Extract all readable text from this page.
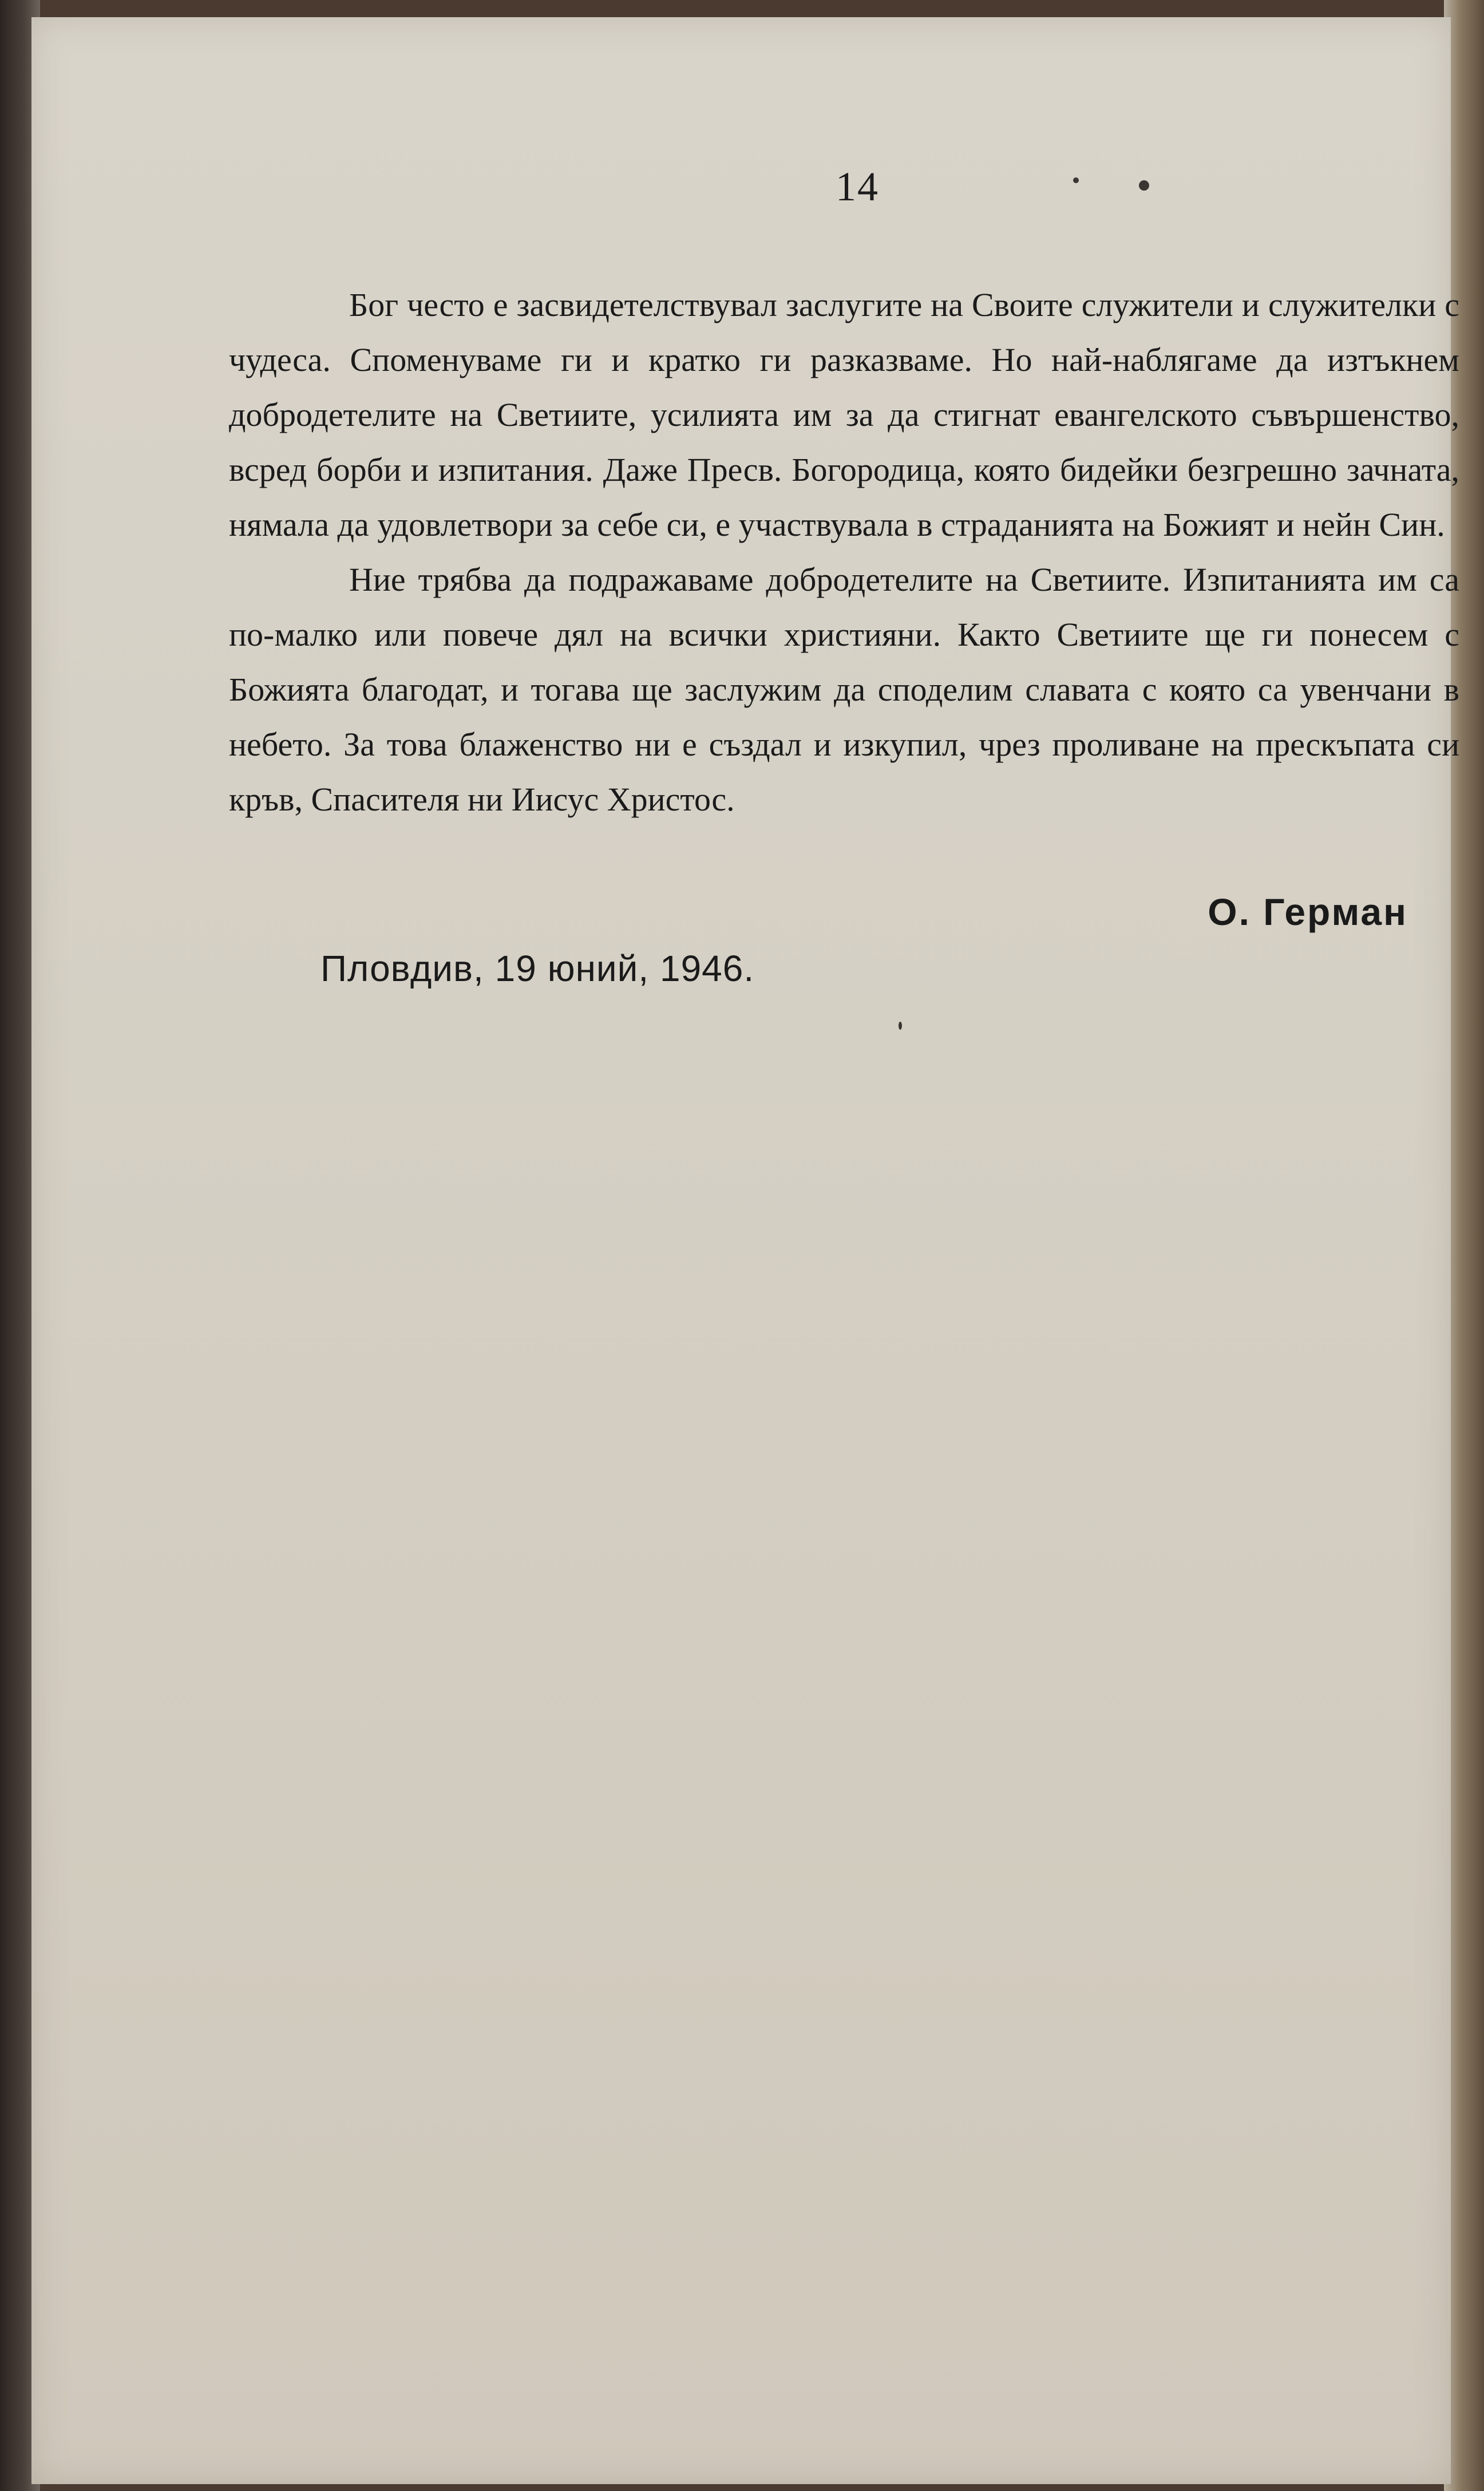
14

Бог често е засвидетелствувал заслугите на Своите служители и служителки с чудеса. Споменуваме ги и кратко ги разказваме. Но най-наблягаме да изтъкнем добродетелите на Светиите, усилията им за да стигнат евангелското съвършенство, всред борби и изпитания. Даже Пресв. Богородица, която бидейки безгрешно зачната, нямала да удовлетвори за себе си, е участвувала в страданията на Божият и нейн Син.

Ние трябва да подражаваме добродетелите на Светиите. Изпитанията им са по-малко или повече дял на всички християни. Както Светиите ще ги понесем с Божията благодат, и тогава ще заслужим да споделим славата с която са увенчани в небето. За това блаженство ни е създал и изкупил, чрез проливане на прескъпата си кръв, Спасителя ни Иисус Христос.

О. Герман
Пловдив, 19 юний, 1946.
